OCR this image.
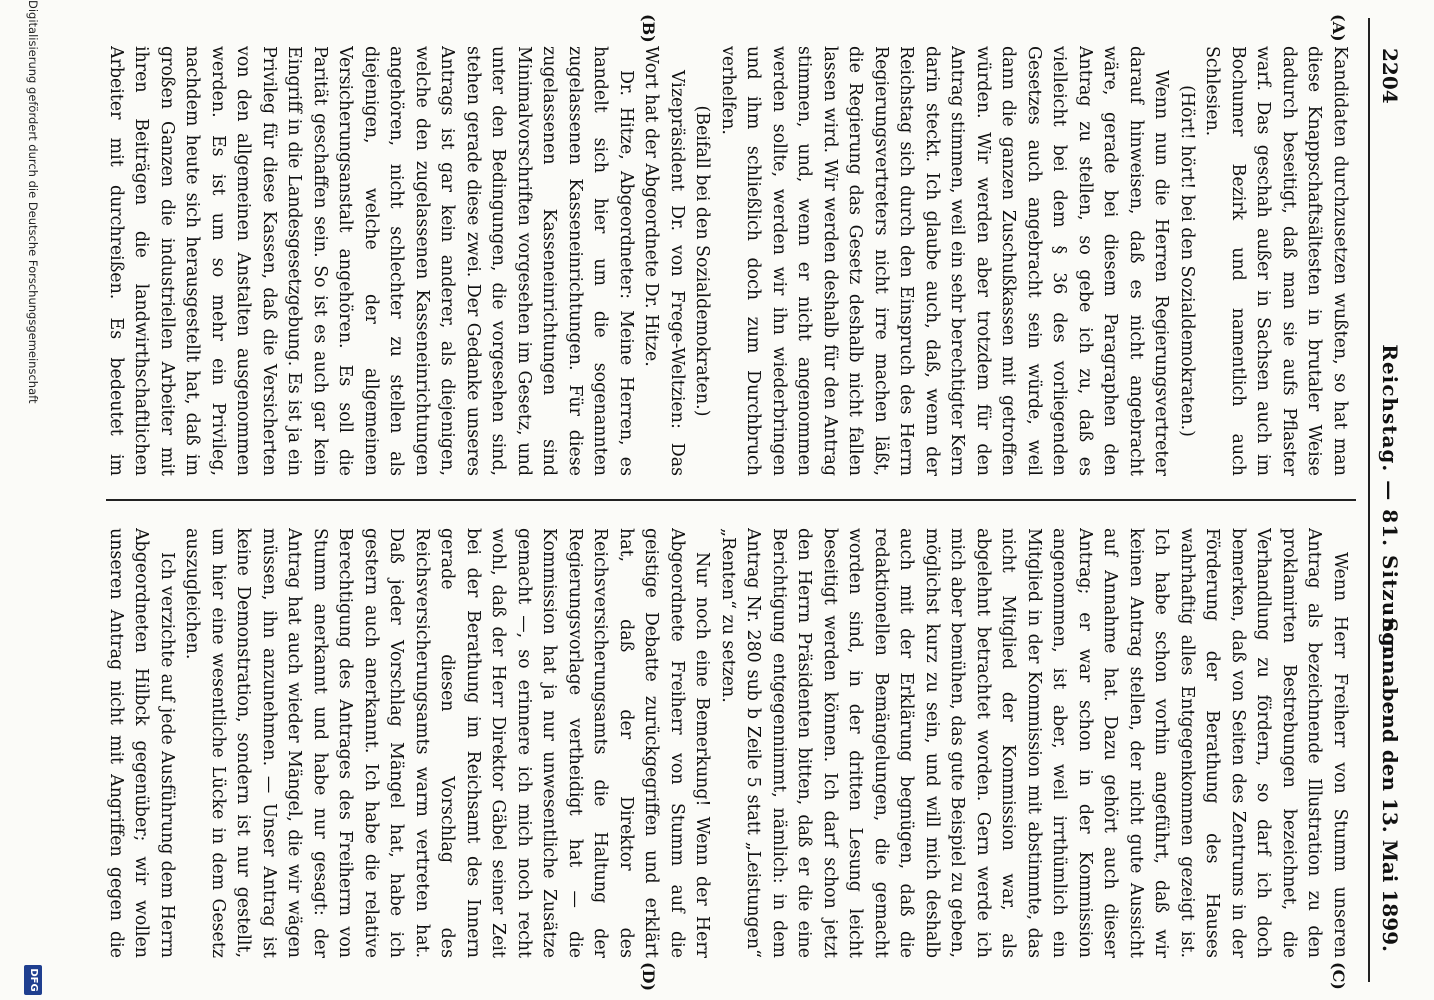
2204
Reichstag. — 81. Sitzung.
Sonnabend den 13. Mai 1899.
(A)
(B)
(C)
(D)

Kandidaten durchzusetzen wußten, so hat man diese Knappschaftsältesten in brutaler Weise dadurch beseitigt, daß man sie aufs Pflaster warf. Das geschah außer in Sachsen auch im Bochumer Bezirk und namentlich auch Schlesien.

(Hört! hört! bei den Sozialdemokraten.)

Wenn nun die Herren Regierungsvertreter darauf hinweisen, daß es nicht angebracht wäre, gerade bei diesem Paragraphen den Antrag zu stellen, so gebe ich zu, daß es vielleicht bei dem § 36 des vorliegenden Gesetzes auch angebracht sein würde, weil dann die ganzen Zuschußkassen mit getroffen würden. Wir werden aber trotzdem für den Antrag stimmen, weil ein sehr berechtigter Kern darin steckt. Ich glaube auch, daß, wenn der Reichstag sich durch den Einspruch des Herrn Regierungsvertreters nicht irre machen läßt, die Regierung das Gesetz deshalb nicht fallen lassen wird. Wir werden deshalb für den Antrag stimmen, und, wenn er nicht angenommen werden sollte, werden wir ihn wiederbringen und ihm schließlich doch zum Durchbruch verhelfen.

(Beifall bei den Sozialdemokraten.)

Vizepräsident Dr. von Frege-Weltzien: Das Wort hat der Abgeordnete Dr. Hitze.

Dr. Hitze, Abgeordneter: Meine Herren, es handelt sich hier um die sogenannten zugelassenen Kasseneinrichtungen. Für diese zugelassenen Kasseneinrichtungen sind Minimalvorschriften vorgesehen im Gesetz, und unter den Bedingungen, die vorgesehen sind, stehen gerade diese zwei. Der Gedanke unseres Antrags ist gar kein anderer, als diejenigen, welche den zugelassenen Kasseneinrichtungen angehören, nicht schlechter zu stellen als diejenigen, welche der allgemeinen Versicherungsanstalt angehören. Es soll die Parität geschaffen sein. So ist es auch gar kein Eingriff in die Landesgesetzgebung. Es ist ja ein Privileg für diese Kassen, daß die Versicherten von den allgemeinen Anstalten ausgenommen werden. Es ist um so mehr ein Privileg, nachdem heute sich herausgestellt hat, daß im großen Ganzen die industriellen Arbeiter mit ihren Beiträgen die landwirthschaftlichen Arbeiter mit durchreißen. Es bedeutet im

Wenn Herr Freiherr von Stumm unseren Antrag als bezeichnende Illustration zu den proklamirten Bestrebungen bezeichnet, die Verhandlung zu fördern, so darf ich doch bemerken, daß von Seiten des Zentrums in der Förderung der Berathung des Hauses wahrhaftig alles Entgegenkommen gezeigt ist. Ich habe schon vorhin angeführt, daß wir keinen Antrag stellen, der nicht gute Aussicht auf Annahme hat. Dazu gehört auch dieser Antrag; er war schon in der Kommission angenommen, ist aber, weil irrthümlich ein Mitglied in der Kommission mit abstimmte, das nicht Mitglied der Kommission war, als abgelehnt betrachtet worden. Gern werde ich mich aber bemühen, das gute Beispiel zu geben, möglichst kurz zu sein, und will mich deshalb auch mit der Erklärung begnügen, daß die redaktionellen Bemängelungen, die gemacht worden sind, in der dritten Lesung leicht beseitigt werden können. Ich darf schon jetzt den Herrn Präsidenten bitten, daß er die eine Berichtigung entgegennimmt, nämlich: in dem Antrag Nr. 280 sub b Zeile 5 statt „Leistungen“ „Renten“ zu setzen.

Nur noch eine Bemerkung! Wenn der Herr Abgeordnete Freiherr von Stumm auf die geistige Debatte zurückgegriffen und erklärt hat, daß der Direktor des Reichsversicherungsamts die Haltung der Regierungsvorlage vertheidigt hat — die Kommission hat ja nur unwesentliche Zusätze gemacht —, so erinnere ich mich noch recht wohl, daß der Herr Direktor Gäbel seiner Zeit bei der Berathung im Reichsamt des Innern gerade diesen Vorschlag des Reichsversicherungsamts warm vertreten hat. Daß jeder Vorschlag Mängel hat, habe ich gestern auch anerkannt. Ich habe die relative Berechtigung des Antrages des Freiherrn von Stumm anerkannt und habe nur gesagt: der Antrag hat auch wieder Mängel, die wir wägen müssen, ihn anzunehmen. — Unser Antrag ist keine Demonstration, sondern ist nur gestellt, um hier eine wesentliche Lücke in dem Gesetz auszugleichen.

Ich verzichte auf jede Ausführung dem Herrn Abgeordneten Hilbck gegenüber; wir wollen unseren Antrag nicht mit Angriffen gegen die

Digitalisierung gefördert durch die Deutsche Forschungsgemeinschaft
DFG
